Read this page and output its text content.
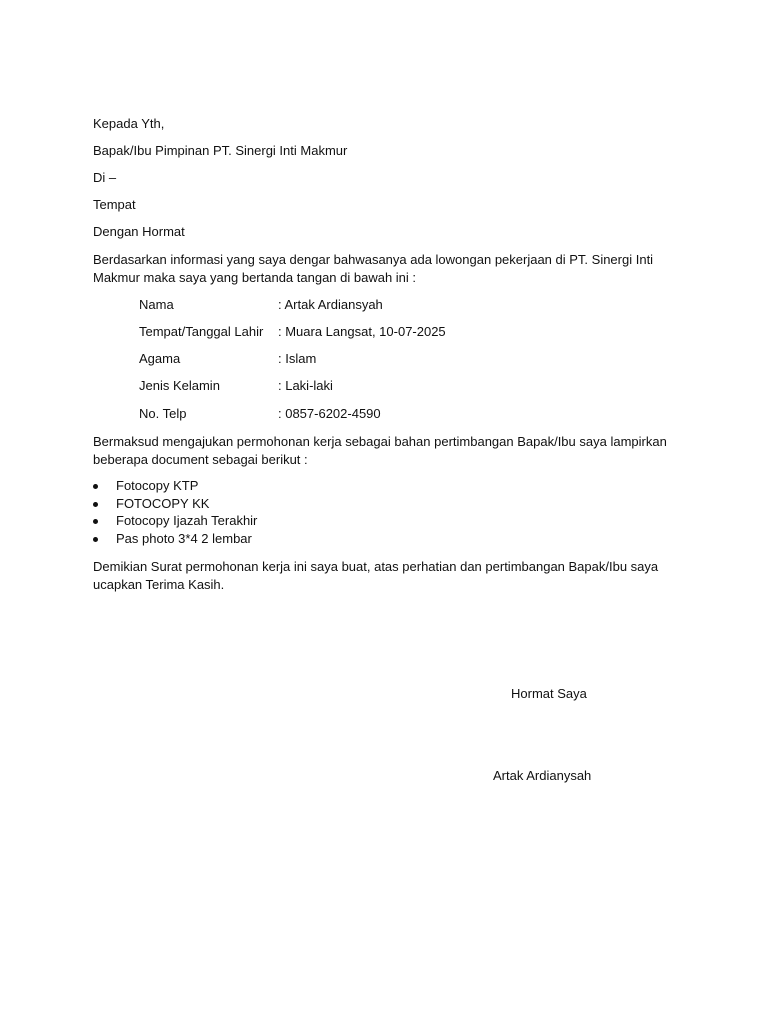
Kepada Yth,
Bapak/Ibu Pimpinan PT. Sinergi Inti Makmur
Di –
Tempat
Dengan Hormat
Berdasarkan informasi yang saya dengar bahwasanya ada lowongan pekerjaan di PT. Sinergi Inti
Makmur maka saya yang bertanda tangan di bawah ini :
Nama	: Artak Ardiansyah
Tempat/Tanggal Lahir : Muara Langsat, 10-07-2025
Agama	: Islam
Jenis Kelamin	: Laki-laki
No. Telp	: 0857-6202-4590
Bermaksud mengajukan permohonan kerja sebagai bahan pertimbangan Bapak/Ibu saya lampirkan
beberapa document sebagai berikut :
Fotocopy KTP
FOTOCOPY KK
Fotocopy Ijazah Terakhir
Pas photo 3*4 2 lembar
Demikian Surat permohonan kerja ini saya buat, atas perhatian dan pertimbangan Bapak/Ibu saya
ucapkan Terima Kasih.
Hormat Saya
Artak Ardianysah
